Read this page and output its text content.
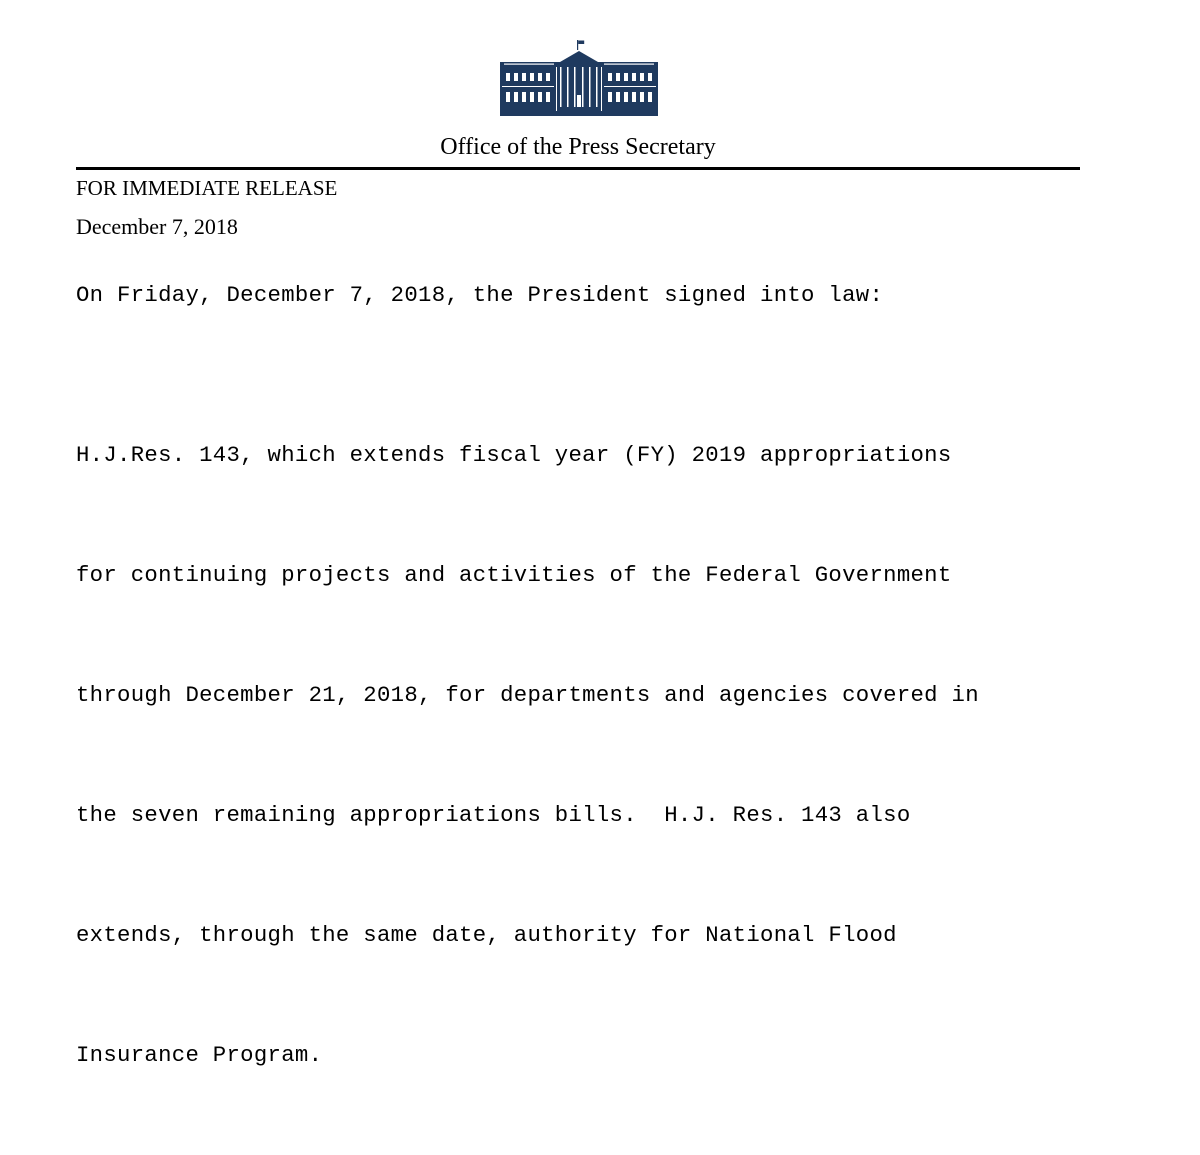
Office of the Press Secretary
FOR IMMEDIATE RELEASE
December 7, 2018
On Friday, December 7, 2018, the President signed into law:

H.J.Res. 143, which extends fiscal year (FY) 2019 appropriations

for continuing projects and activities of the Federal Government

through December 21, 2018, for departments and agencies covered in

the seven remaining appropriations bills.  H.J. Res. 143 also

extends, through the same date, authority for National Flood

Insurance Program.
